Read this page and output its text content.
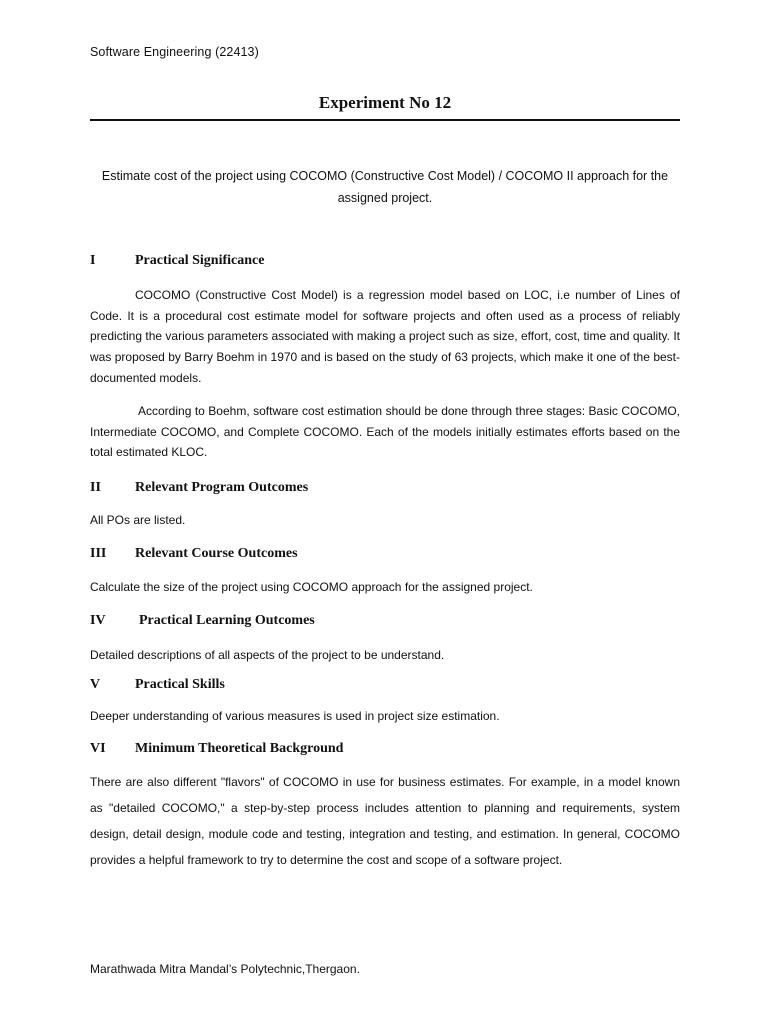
Software Engineering (22413)
Experiment No 12
Estimate cost of the project using COCOMO (Constructive Cost Model) / COCOMO II approach for the assigned project.
I	Practical Significance

COCOMO (Constructive Cost Model) is a regression model based on LOC, i.e number of Lines of Code. It is a procedural cost estimate model for software projects and often used as a process of reliably predicting the various parameters associated with making a project such as size, effort, cost, time and quality. It was proposed by Barry Boehm in 1970 and is based on the study of 63 projects, which make it one of the best-documented models.

According to Boehm, software cost estimation should be done through three stages: Basic COCOMO, Intermediate COCOMO, and Complete COCOMO. Each of the models initially estimates efforts based on the total estimated KLOC.

II Relevant Program Outcomes

All POs are listed.

III Relevant Course Outcomes

Calculate the size of the project using COCOMO approach for the assigned project.

IV Practical Learning Outcomes

Detailed descriptions of all aspects of the project to be understand.

V Practical Skills

Deeper understanding of various measures is used in project size estimation.

VI Minimum Theoretical Background

There are also different "flavors" of COCOMO in use for business estimates. For example, in a model known as "detailed COCOMO," a step-by-step process includes attention to planning and requirements, system design, detail design, module code and testing, integration and testing, and estimation. In general, COCOMO provides a helpful framework to try to determine the cost and scope of a software project.

Marathwada Mitra Mandal’s Polytechnic,Thergaon.
